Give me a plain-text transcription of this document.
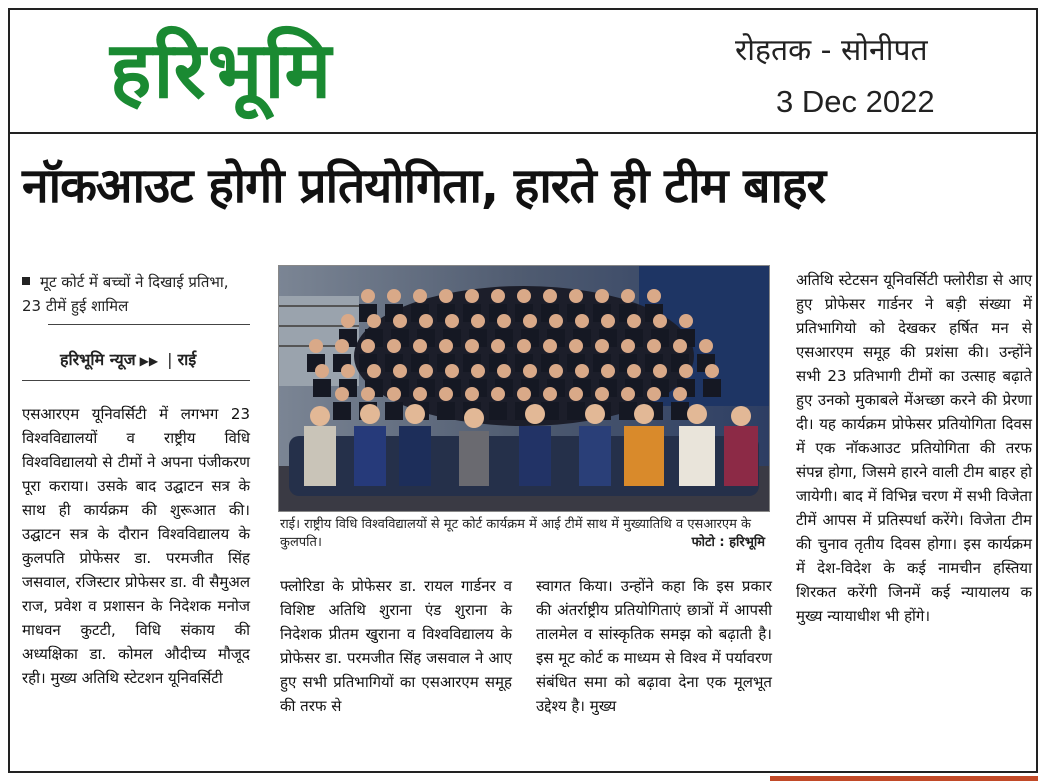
हरिभूमि	रोहतक - सोनीपत
3 Dec 2022
नॉकआउट होगी प्रतियोगिता, हारते ही टीम बाहर
मूट कोर्ट में बच्चों ने दिखाई प्रतिभा, 23 टीमें हुई शामिल
हरिभूमि न्यूज ▶▶ | राई

एसआरएम यूनिवर्सिटी में लगभग 23 विश्वविद्यालयों व राष्ट्रीय विधि विश्वविद्यालयो से टीमों ने अपना पंजीकरण पूरा कराया। उसके बाद उद्घाटन सत्र के साथ ही कार्यक्रम की शुरूआत की। उद्घाटन सत्र के दौरान विश्वविद्यालय के कुलपति प्रोफेसर डा. परमजीत सिंह जसवाल, रजिस्टार प्रोफेसर डा. वी सैमुअल राज, प्रवेश व प्रशासन के निदेशक मनोज माधवन कुटटी, विधि संकाय की अध्यक्षिका डा. कोमल औदीच्य मौजूद रही। मुख्य अतिथि स्टेटशन यूनिवर्सिटी

राई। राष्ट्रीय विधि विश्वविद्यालयों से मूट कोर्ट कार्यक्रम में आई टीमें साथ में मुख्यातिथि व एसआरएम के कुलपति।	फोटो : हरिभूमि

फ्लोरिडा के प्रोफेसर डा. रायल गार्डनर व विशिष्ट अतिथि शुराना एंड शुराना के निदेशक प्रीतम खुराना व विश्वविद्यालय के प्रोफेसर डा. परमजीत सिंह जसवाल ने आए हुए सभी प्रतिभागियों का एसआरएम समूह की तरफ से

स्वागत किया। उन्होंने कहा कि इस प्रकार की अंतर्राष्ट्रीय प्रतियोगिताएं छात्रों में आपसी तालमेल व सांस्कृतिक समझ को बढ़ाती है। इस मूट कोर्ट क माध्यम से विश्व में पर्यावरण संबंधित समा को बढ़ावा देना एक मूलभूत उद्देश्य है। मुख्य

अतिथि स्टेटसन यूनिवर्सिटी फ्लोरीडा से आए हुए प्रोफेसर गार्डनर ने बड़ी संख्या में प्रतिभागियो को देखकर हर्षित मन से एसआरएम समूह की प्रशंसा की। उन्होंने सभी 23 प्रतिभागी टीमों का उत्साह बढ़ाते हुए उनको मुकाबले मेंअच्छा करने की प्रेरणा दी। यह कार्यक्रम प्रोफेसर प्रतियोगिता दिवस में एक नॉकआउट प्रतियोगिता की तरफ संपन्न होगा, जिसमे हारने वाली टीम बाहर हो जायेगी। बाद में विभिन्न चरण में सभी विजेता टीमें आपस में प्रतिस्पर्धा करेंगे। विजेता टीम की चुनाव तृतीय दिवस होगा। इस कार्यक्रम में देश-विदेश के कई नामचीन हस्तिया शिरकत करेंगी जिनमें कई न्यायालय क मुख्य न्यायाधीश भी होंगे।
